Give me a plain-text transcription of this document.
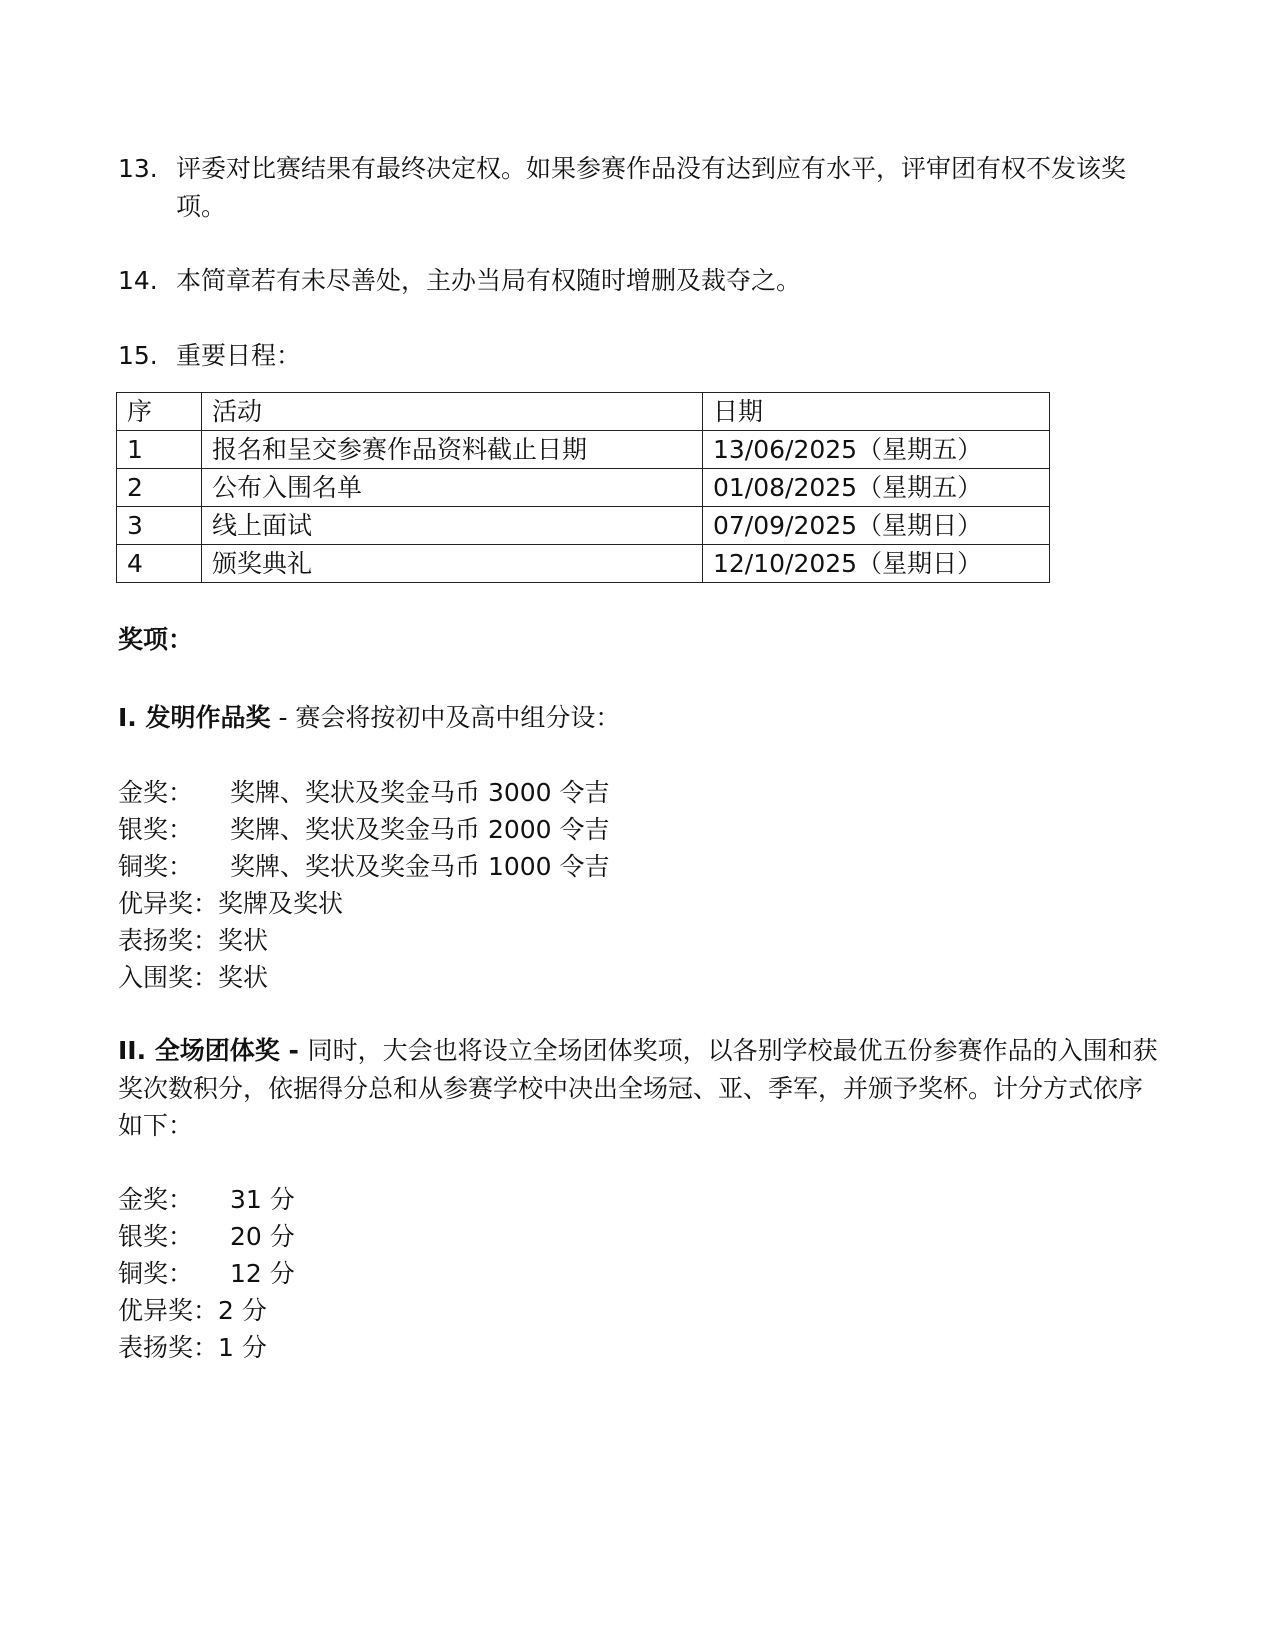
13. 评委对比赛结果有最终决定权。如果参赛作品没有达到应有水平，评审团有权不发该奖项。
14. 本简章若有未尽善处，主办当局有权随时增删及裁夺之。
15. 重要日程：
序	活动	日期
1	报名和呈交参赛作品资料截止日期	13/06/2025（星期五）
2	公布入围名单	01/08/2025（星期五）
3	线上面试	07/09/2025（星期日）
4	颁奖典礼	12/10/2025（星期日）
奖项：
I. 发明作品奖 - 赛会将按初中及高中组分设：
金奖：	奖牌、奖状及奖金马币 3000 令吉
银奖：	奖牌、奖状及奖金马币 2000 令吉
铜奖：	奖牌、奖状及奖金马币 1000 令吉
优异奖： 奖牌及奖状
表扬奖： 奖状
入围奖： 奖状
II. 全场团体奖 - 同时，大会也将设立全场团体奖项，以各别学校最优五份参赛作品的入围和获奖次数积分，依据得分总和从参赛学校中决出全场冠、亚、季军，并颁予奖杯。计分方式依序如下：
金奖：	31 分
银奖：	20 分
铜奖：	12 分
优异奖： 2 分
表扬奖： 1 分
